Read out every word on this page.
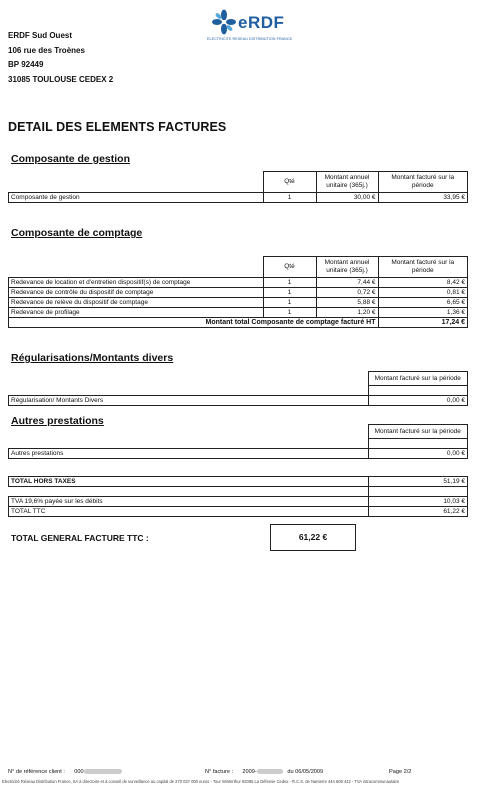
ERDF Sud Ouest
106 rue des Troènes
BP 92449
31085 TOULOUSE CEDEX 2
eRDF
ELECTRICITE RESEAU DISTRIBUTION FRANCE
DETAIL DES ELEMENTS FACTURES
Composante de gestion
	Qté	Montant annuel unitaire (365j.)	Montant facturé sur la période
Composante de gestion	1	30,00 €	33,95 €
Composante de comptage
	Qté	Montant annuel unitaire (365j.)	Montant facturé sur la période
Redevance de location et d'entretien dispositif(s) de comptage	1	7,44 €	8,42 €
Redevance de contrôle du dispositif de comptage	1	0,72 €	0,81 €
Redevance de relève du dispositif de comptage	1	5,88 €	6,65 €
Redevance de profilage	1	1,20 €	1,36 €
Montant total Composante de comptage facturé HT			17,24 €
Régularisations/Montants divers
	Montant facturé sur la période

Régularisation/ Montants Divers	0,00 €
Autres prestations
	Montant facturé sur la période

Autres prestations	0,00 €
TOTAL HORS TAXES	51,19 €

TVA 19,6% payée sur les débits	10,03 €
TOTAL TTC	61,22 €
TOTAL GENERAL FACTURE TTC :	61,22 €
N° de référence client : 000	N° facture : 2009-	du 06/05/2009	Page 2/2
Electricité Réseau Distribution France, SA à directoire et à conseil de surveillance au capital de 270 037 000 euros - Tour Winterthur 92085 La Défense Cedex - R.C.S. de Nanterre 444 608 442 - TVA intracommunautaire
